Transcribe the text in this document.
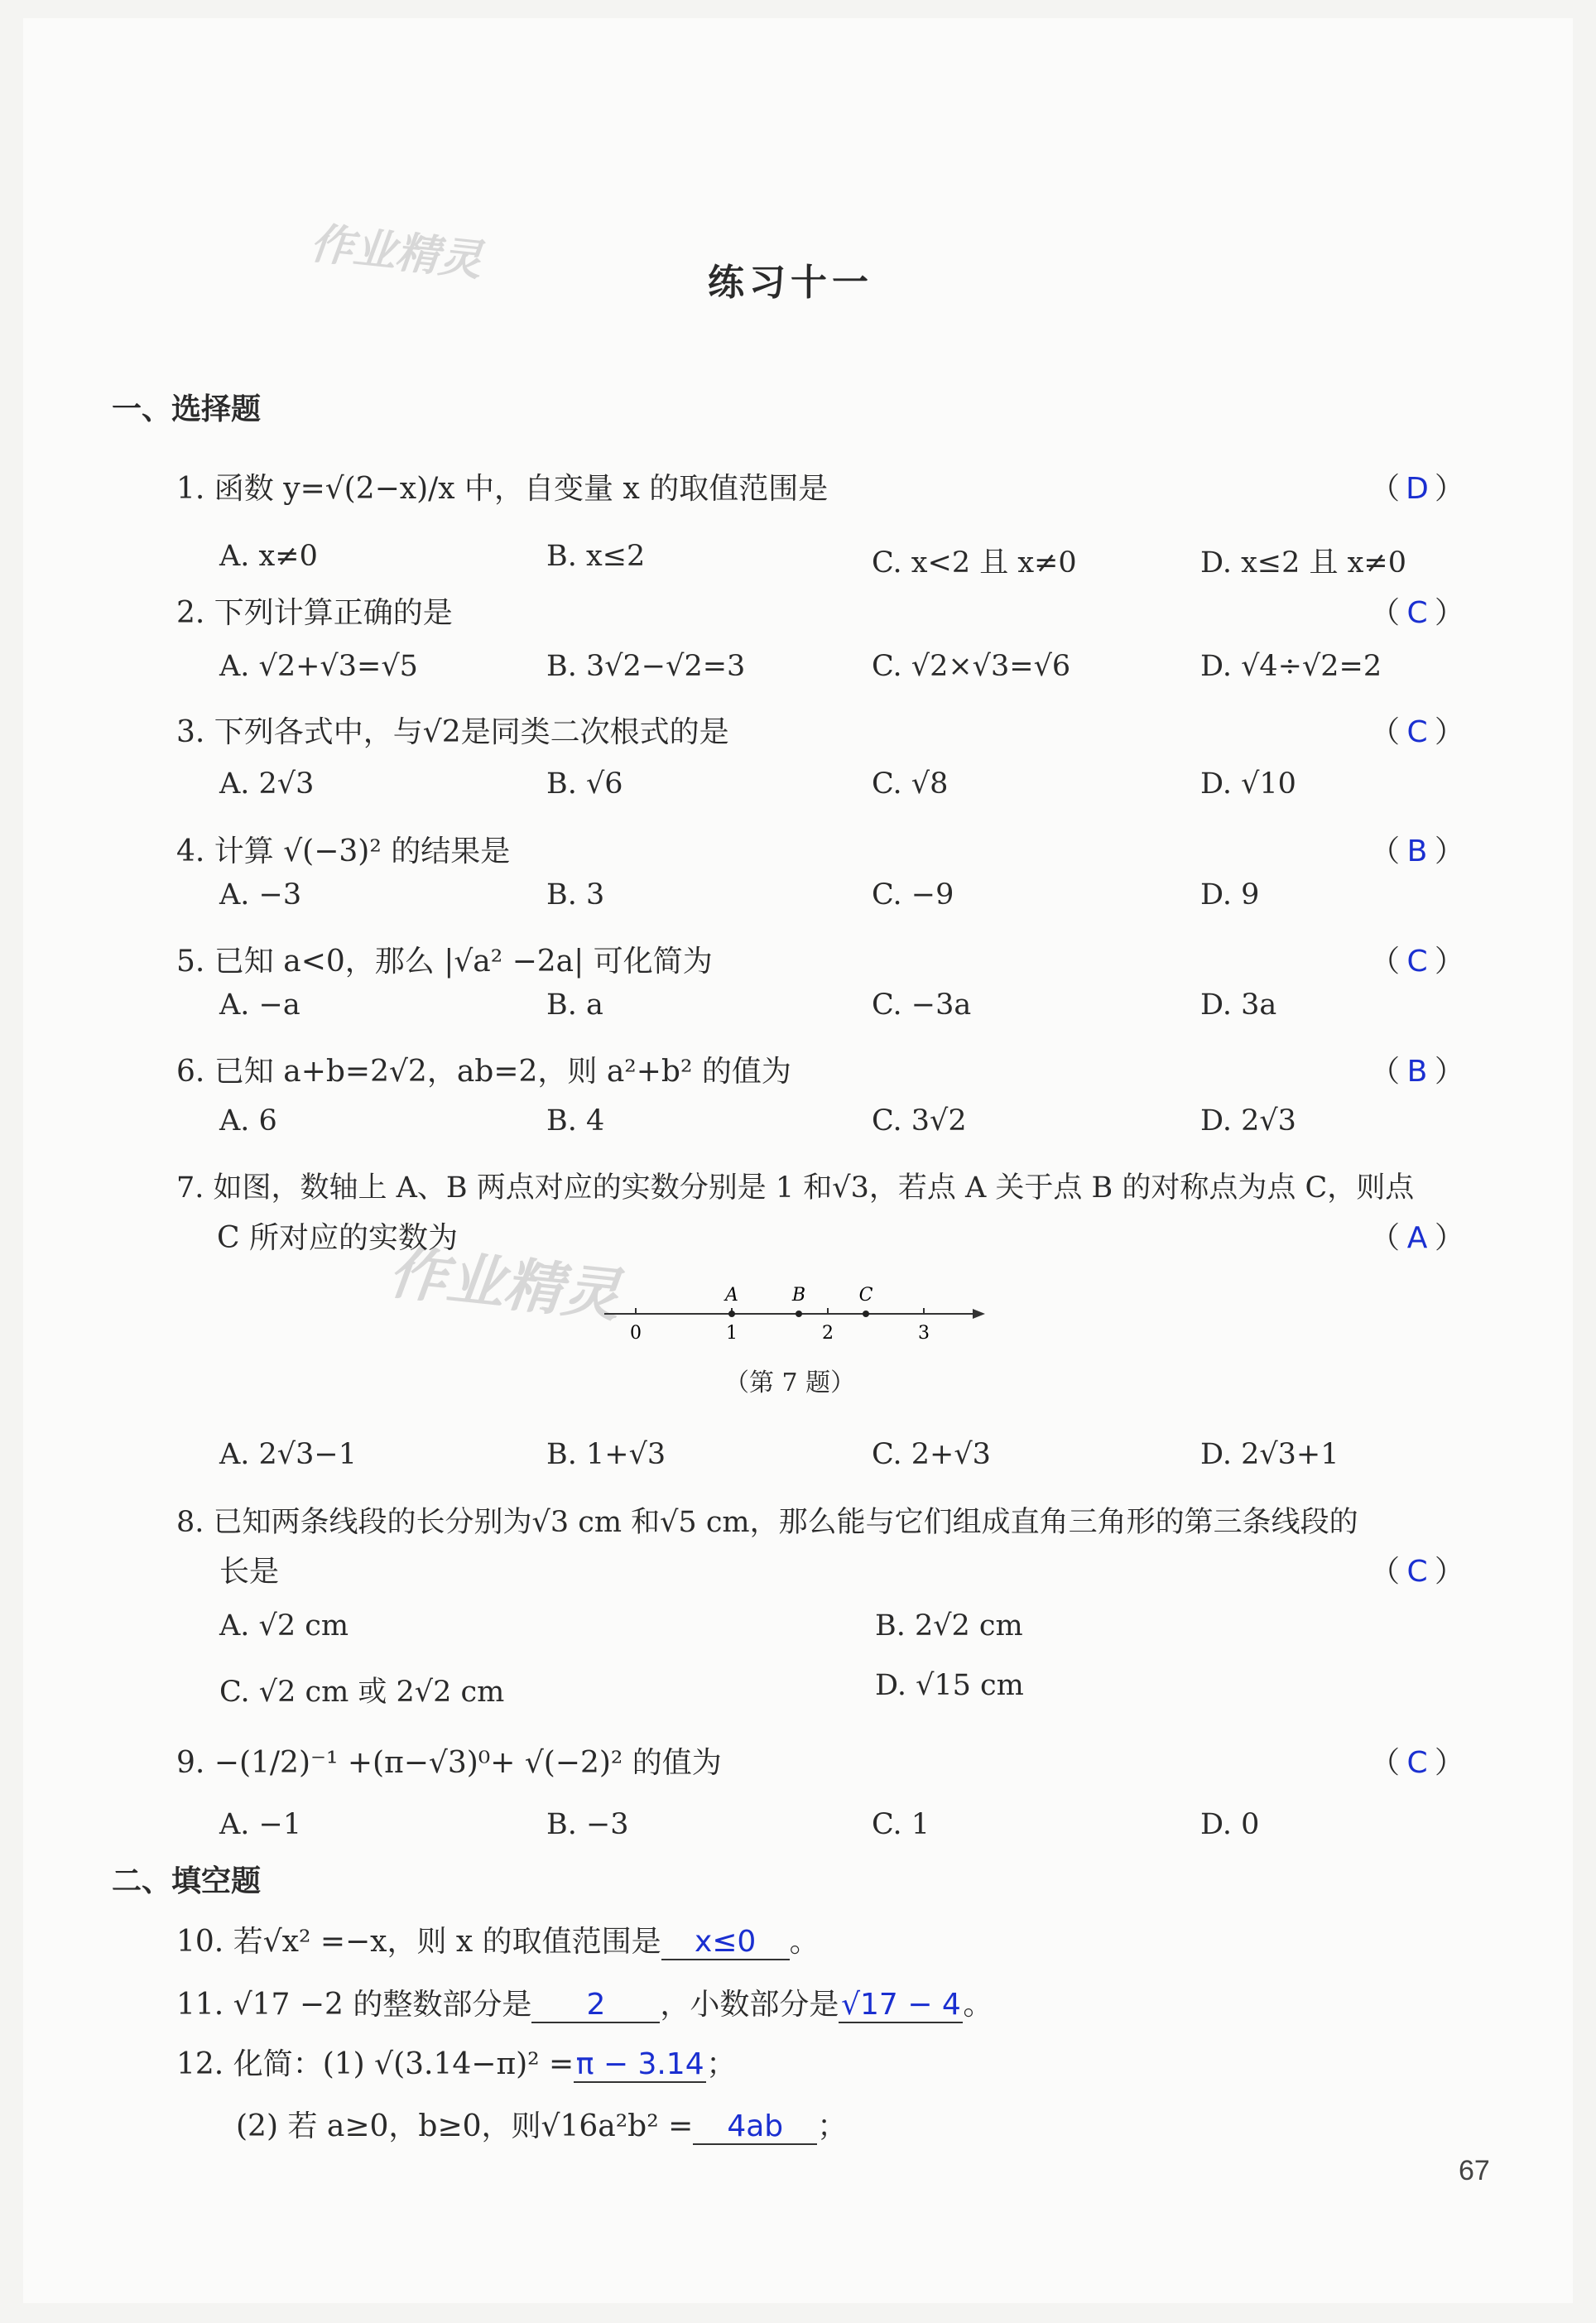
作业精灵
作业精灵
练习十一
一、选择题
二、填空题
1. 函数 y=√(2−x)/x 中，自变量 x 的取值范围是	（ D ）
A. x≠0	B. x≤2	C. x<2 且 x≠0	D. x≤2 且 x≠0
2. 下列计算正确的是	（ C ）
A. √2+√3=√5	B. 3√2−√2=3	C. √2×√3=√6	D. √4÷√2=2
3. 下列各式中，与√2是同类二次根式的是	（ C ）
A. 2√3	B. √6	C. √8	D. √10
4. 计算 √(−3)² 的结果是	（ B ）
A. −3	B. 3	C. −9	D. 9
5. 已知 a<0，那么 |√a² −2a| 可化简为	（ C ）
A. −a	B. a	C. −3a	D. 3a
6. 已知 a+b=2√2，ab=2，则 a²+b² 的值为	（ B ）
A. 6	B. 4	C. 3√2	D. 2√3
7. 如图，数轴上 A、B 两点对应的实数分别是 1 和√3，若点 A 关于点 B 的对称点为点 C，则点
C 所对应的实数为	（ A ）
0	1	2	3
A	B	C
（第 7 题）
A. 2√3−1	B. 1+√3	C. 2+√3	D. 2√3+1
8. 已知两条线段的长分别为√3 cm 和√5 cm，那么能与它们组成直角三角形的第三条线段的
长是	（ C ）
A. √2 cm	B. 2√2 cm
C. √2 cm 或 2√2 cm	D. √15 cm
9. −(1/2)⁻¹ +(π−√3)⁰+ √(−2)² 的值为	（ C ）
A. −1	B. −3	C. 1	D. 0
10. 若√x² =−x，则 x 的取值范围是 x≤0 。
11. √17 −2 的整数部分是 2 ，小数部分是√17 − 4。
12. 化简：(1) √(3.14−π)² =π − 3.14；
(2) 若 a≥0，b≥0，则√16a²b² = 4ab ；
67
